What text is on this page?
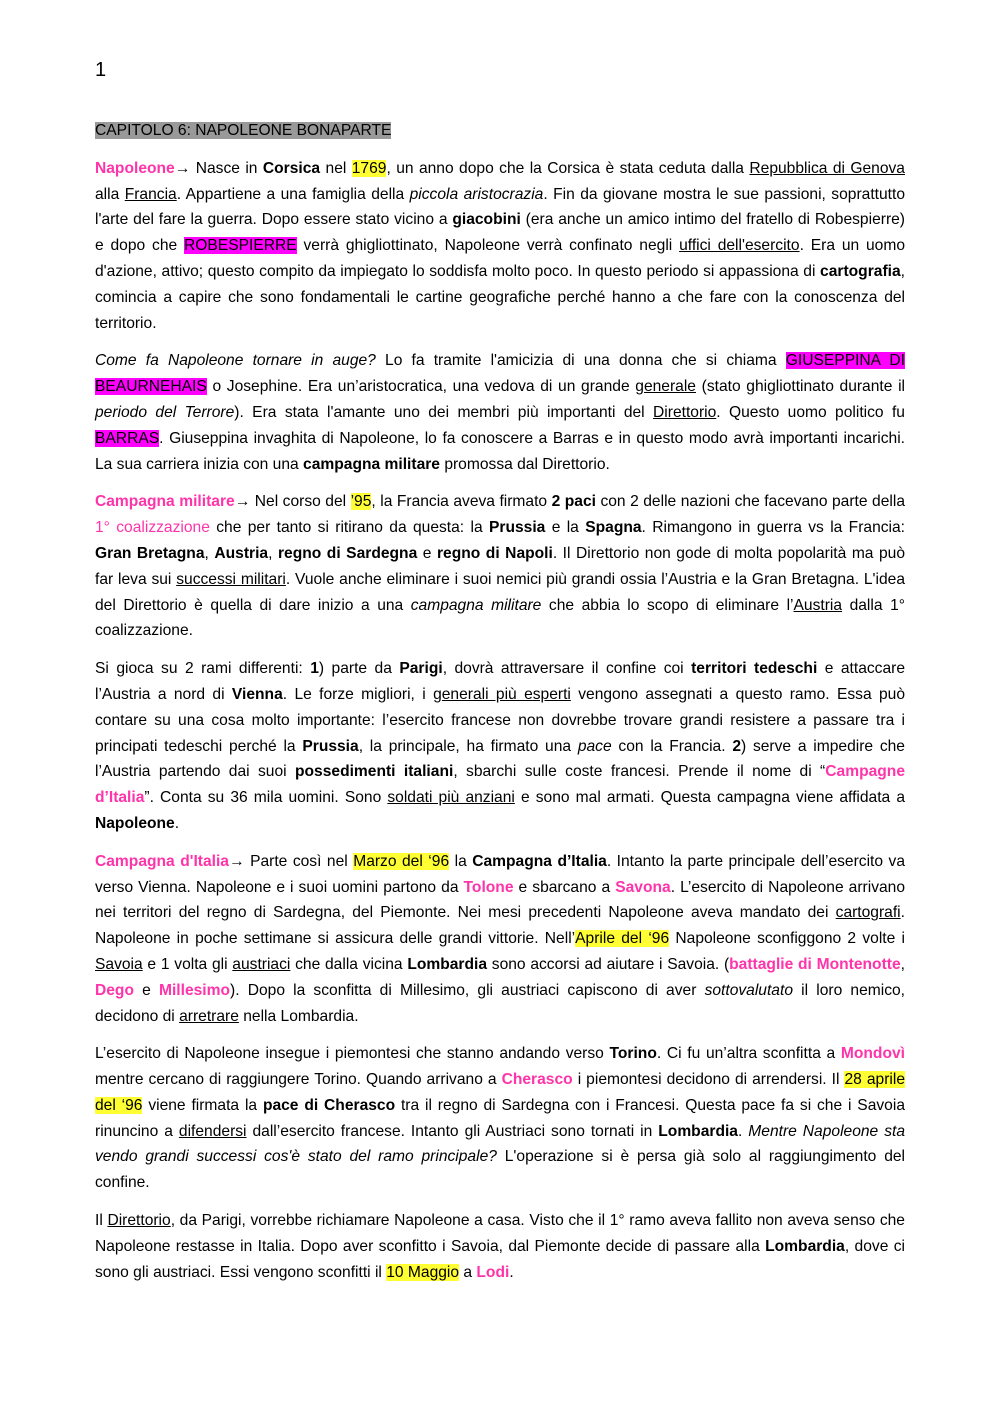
1
CAPITOLO 6: NAPOLEONE BONAPARTE

Napoleone→ Nasce in Corsica nel 1769, un anno dopo che la Corsica è stata ceduta dalla Repubblica di Genova alla Francia. Appartiene a una famiglia della piccola aristocrazia. Fin da giovane mostra le sue passioni, soprattutto l'arte del fare la guerra. Dopo essere stato vicino a giacobini (era anche un amico intimo del fratello di Robespierre) e dopo che ROBESPIERRE verrà ghigliottinato, Napoleone verrà confinato negli uffici dell'esercito. Era un uomo d'azione, attivo; questo compito da impiegato lo soddisfa molto poco. In questo periodo si appassiona di cartografia, comincia a capire che sono fondamentali le cartine geografiche perché hanno a che fare con la conoscenza del territorio.

Come fa Napoleone tornare in auge? Lo fa tramite l'amicizia di una donna che si chiama GIUSEPPINA DI BEAURNEHAIS o Josephine. Era un’aristocratica, una vedova di un grande generale (stato ghigliottinato durante il periodo del Terrore). Era stata l'amante uno dei membri più importanti del Direttorio. Questo uomo politico fu BARRAS. Giuseppina invaghita di Napoleone, lo fa conoscere a Barras e in questo modo avrà importanti incarichi. La sua carriera inizia con una campagna militare promossa dal Direttorio.

Campagna militare→ Nel corso del ’95, la Francia aveva firmato 2 paci con 2 delle nazioni che facevano parte della 1° coalizzazione che per tanto si ritirano da questa: la Prussia e la Spagna. Rimangono in guerra vs la Francia: Gran Bretagna, Austria, regno di Sardegna e regno di Napoli. Il Direttorio non gode di molta popolarità ma può far leva sui successi militari. Vuole anche eliminare i suoi nemici più grandi ossia l’Austria e la Gran Bretagna. L'idea del Direttorio è quella di dare inizio a una campagna militare che abbia lo scopo di eliminare l’Austria dalla 1° coalizzazione.

Si gioca su 2 rami differenti: 1) parte da Parigi, dovrà attraversare il confine coi territori tedeschi e attaccare l’Austria a nord di Vienna. Le forze migliori, i generali più esperti vengono assegnati a questo ramo. Essa può contare su una cosa molto importante: l’esercito francese non dovrebbe trovare grandi resistere a passare tra i principati tedeschi perché la Prussia, la principale, ha firmato una pace con la Francia. 2) serve a impedire che l’Austria partendo dai suoi possedimenti italiani, sbarchi sulle coste francesi. Prende il nome di “Campagne d’Italia”. Conta su 36 mila uomini. Sono soldati più anziani e sono mal armati. Questa campagna viene affidata a Napoleone.

Campagna d'Italia→ Parte così nel Marzo del ‘96 la Campagna d’Italia. Intanto la parte principale dell’esercito va verso Vienna. Napoleone e i suoi uomini partono da Tolone e sbarcano a Savona. L’esercito di Napoleone arrivano nei territori del regno di Sardegna, del Piemonte. Nei mesi precedenti Napoleone aveva mandato dei cartografi. Napoleone in poche settimane si assicura delle grandi vittorie. Nell’Aprile del ‘96 Napoleone sconfiggono 2 volte i Savoia e 1 volta gli austriaci che dalla vicina Lombardia sono accorsi ad aiutare i Savoia. (battaglie di Montenotte, Dego e Millesimo). Dopo la sconfitta di Millesimo, gli austriaci capiscono di aver sottovalutato il loro nemico, decidono di arretrare nella Lombardia.

L’esercito di Napoleone insegue i piemontesi che stanno andando verso Torino. Ci fu un’altra sconfitta a Mondovì mentre cercano di raggiungere Torino. Quando arrivano a Cherasco i piemontesi decidono di arrendersi. Il 28 aprile del ‘96 viene firmata la pace di Cherasco tra il regno di Sardegna con i Francesi. Questa pace fa si che i Savoia rinuncino a difendersi dall’esercito francese. Intanto gli Austriaci sono tornati in Lombardia. Mentre Napoleone sta vendo grandi successi cos'è stato del ramo principale? L'operazione si è persa già solo al raggiungimento del confine.

Il Direttorio, da Parigi, vorrebbe richiamare Napoleone a casa. Visto che il 1° ramo aveva fallito non aveva senso che Napoleone restasse in Italia. Dopo aver sconfitto i Savoia, dal Piemonte decide di passare alla Lombardia, dove ci sono gli austriaci. Essi vengono sconfitti il 10 Maggio a Lodi.
